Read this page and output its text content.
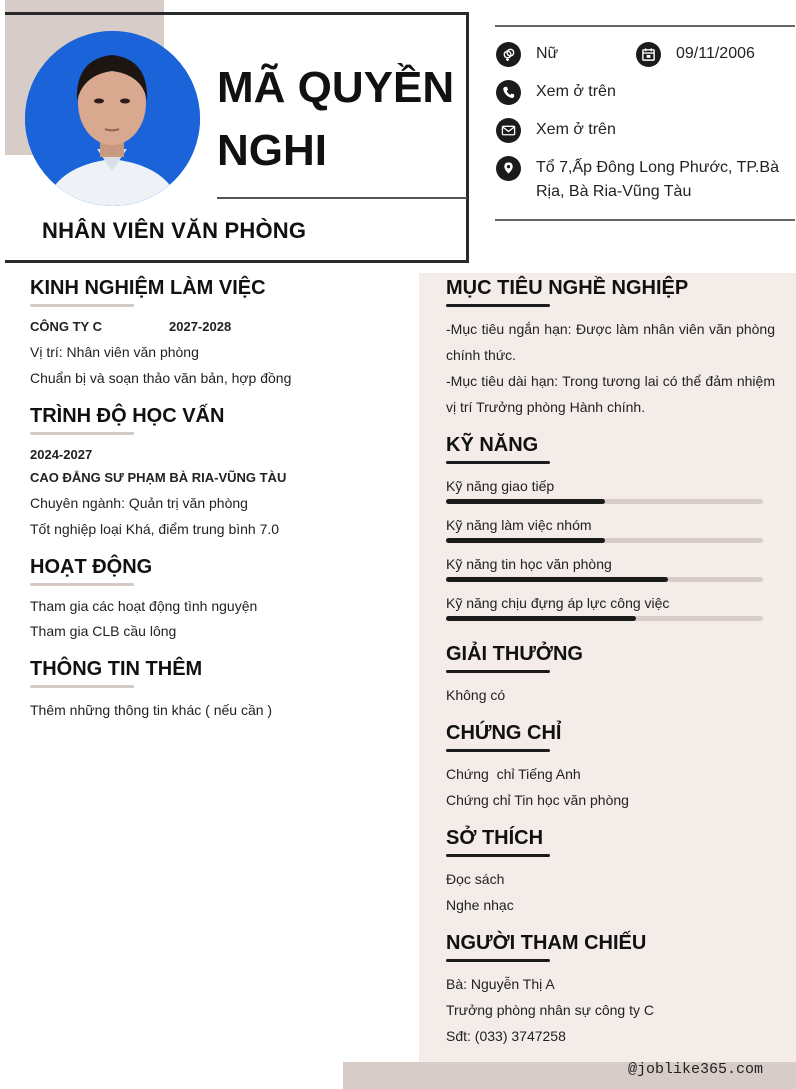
MÃ QUYỀN NGHI
NHÂN VIÊN VĂN PHÒNG
Nữ	09/11/2006
Xem ở trên
Xem ở trên
Tổ 7,Ấp Đông Long Phước, TP.Bà Rịa, Bà Ria-Vũng Tàu
KINH NGHIỆM LÀM VIỆC
CÔNG TY C	2027-2028
Vị trí: Nhân viên văn phòng
Chuẩn bị và soạn thảo văn bản, hợp đồng
TRÌNH ĐỘ HỌC VẤN
2024-2027
CAO ĐẲNG SƯ PHẠM BÀ RIA-VŨNG TÀU
Chuyên ngành: Quản trị văn phòng
Tốt nghiệp loại Khá, điểm trung bình 7.0
HOẠT ĐỘNG
Tham gia các hoạt động tình nguyện
Tham gia CLB cầu lông
THÔNG TIN THÊM
Thêm những thông tin khác ( nếu cần )
MỤC TIÊU NGHỀ NGHIỆP
-Mục tiêu ngắn hạn: Được làm nhân viên văn phòng chính thức.
-Mục tiêu dài hạn: Trong tương lai có thể đảm nhiệm vị trí Trưởng phòng Hành chính.
KỸ NĂNG
Kỹ năng giao tiếp
Kỹ năng làm việc nhóm
Kỹ năng tin học văn phòng
Kỹ năng chịu đựng áp lực công việc
GIẢI THƯỞNG
Không có
CHỨNG CHỈ
Chứng  chỉ Tiếng Anh
Chứng chỉ Tin học văn phòng
SỞ THÍCH
Đọc sách
Nghe nhạc
NGƯỜI THAM CHIẾU
Bà: Nguyễn Thị A
Trưởng phòng nhân sự công ty C
Sđt: (033) 3747258
@joblike365.com
